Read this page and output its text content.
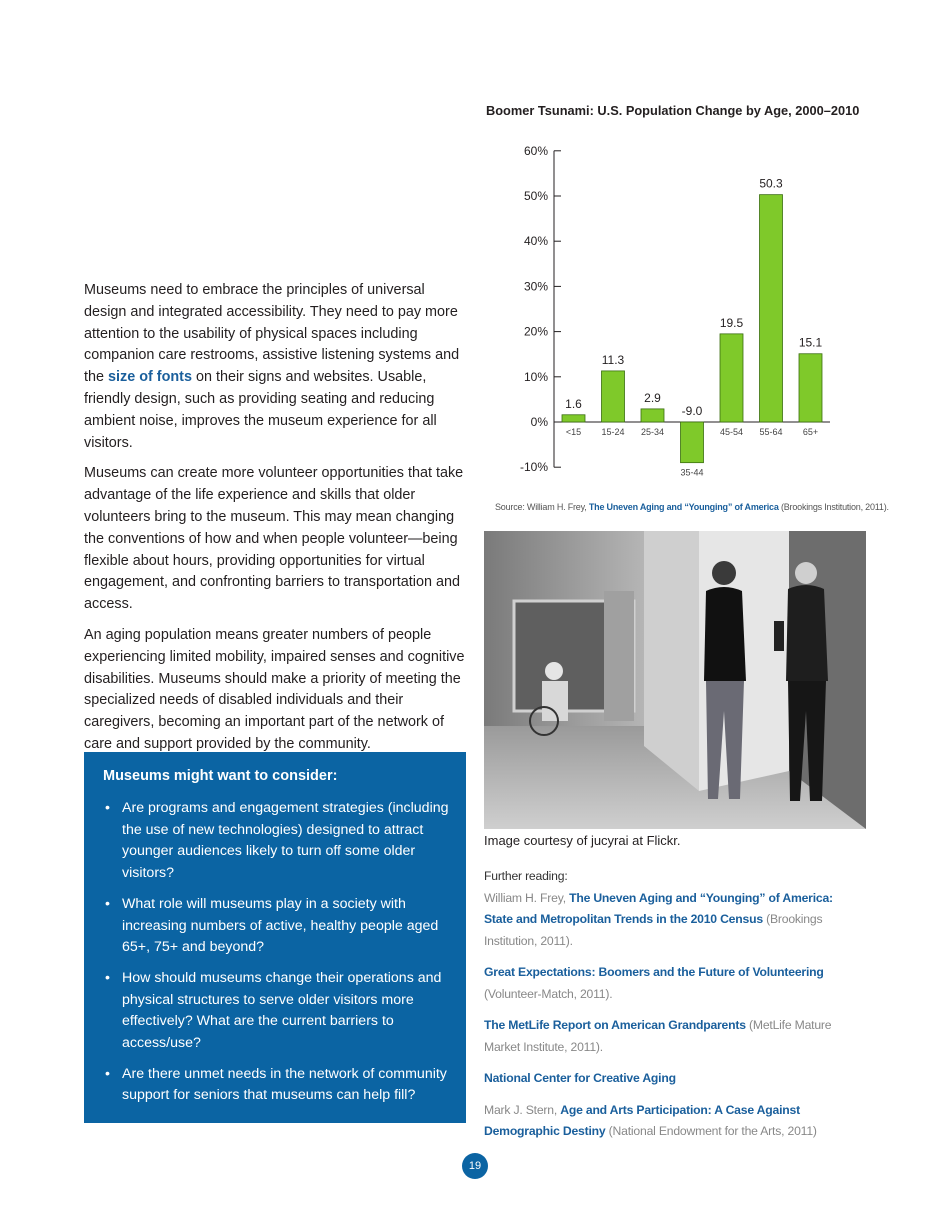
Museums need to embrace the principles of universal design and integrated accessibility. They need to pay more attention to the usability of physical spaces including companion care restrooms, assistive listening systems and the size of fonts on their signs and websites. Usable, friendly design, such as providing seating and reducing ambient noise, improves the museum experience for all visitors.

Museums can create more volunteer opportunities that take advantage of the life experience and skills that older volunteers bring to the museum. This may mean changing the conventions of how and when people volunteer—being flexible about hours, providing opportunities for virtual engagement, and confronting barriers to transportation and access.

An aging population means greater numbers of people experiencing limited mobility, impaired senses and cognitive disabilities. Museums should make a priority of meeting the specialized needs of disabled individuals and their caregivers, becoming an important part of the network of care and support provided by the community.

Museums might want to consider:
• Are programs and engagement strategies (including the use of new technologies) designed to attract younger audiences likely to turn off some older visitors?
• What role will museums play in a society with increasing numbers of active, healthy people aged 65+, 75+ and beyond?
• How should museums change their operations and physical structures to serve older visitors more effectively? What are the current barriers to access/use?
• Are there unmet needs in the network of community support for seniors that museums can help fill?
Boomer Tsunami: U.S. Population Change by Age, 2000–2010
60%
50%
40%
30%
20%
10%
0%
-10%
1.6
<15
11.3
15-24
2.9
25-34
-9.0
35-44
19.5
45-54
50.3
55-64
15.1
65+
Source: William H. Frey, The Uneven Aging and “Younging” of America (Brookings Institution, 2011).
Image courtesy of jucyrai at Flickr.

Further reading:

William H. Frey, The Uneven Aging and “Younging” of America: State and Metropolitan Trends in the 2010 Census (Brookings Institution, 2011).

Great Expectations: Boomers and the Future of Volunteering (Volunteer-Match, 2011).

The MetLife Report on American Grandparents (MetLife Mature Market Institute, 2011).

National Center for Creative Aging

Mark J. Stern, Age and Arts Participation: A Case Against Demographic Destiny (National Endowment for the Arts, 2011)

19
